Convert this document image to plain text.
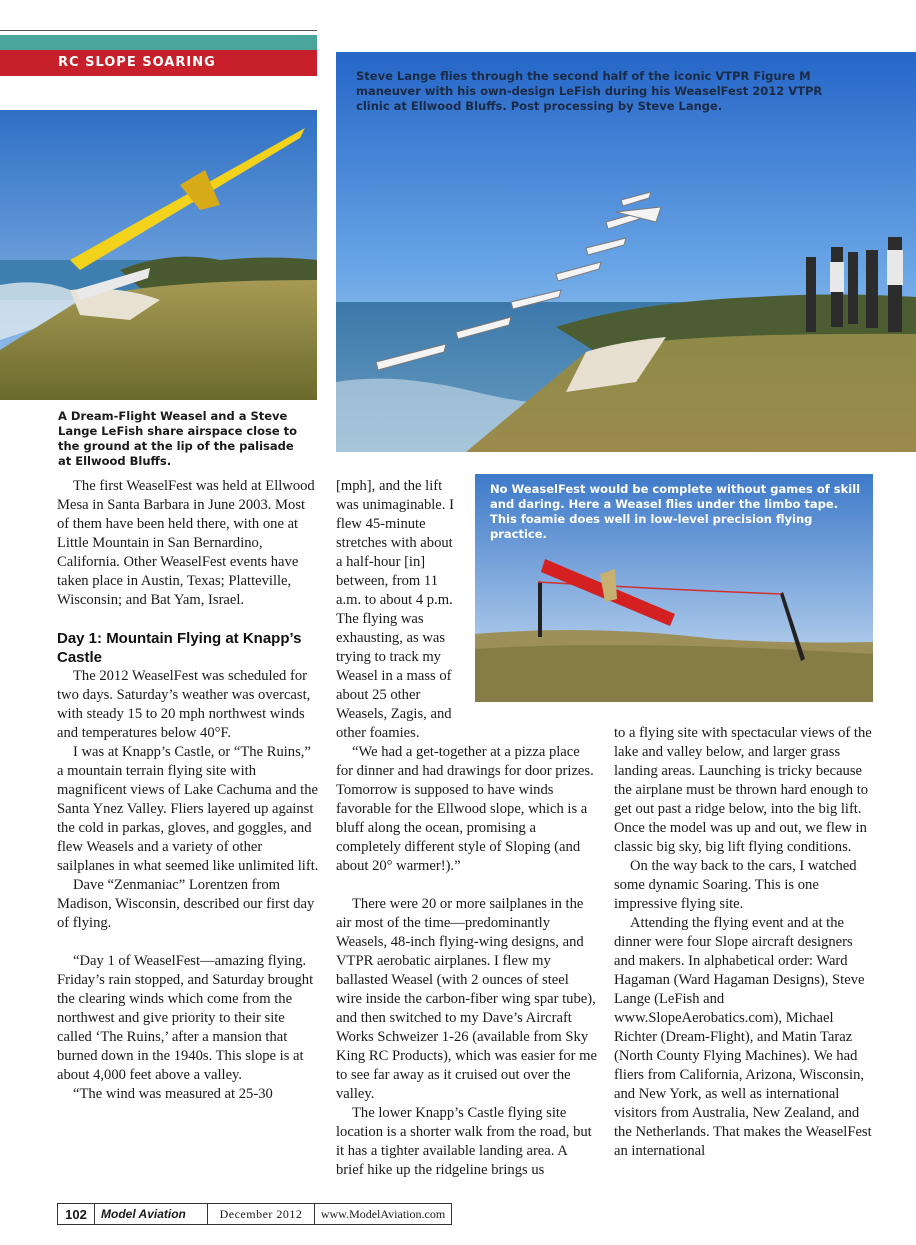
RC SLOPE SOARING
Steve Lange flies through the second half of the iconic VTPR Figure M maneuver with his own-design LeFish during his WeaselFest 2012 VTPR clinic at Ellwood Bluffs. Post processing by Steve Lange.
No WeaselFest would be complete without games of skill and daring. Here a Weasel flies under the limbo tape. This foamie does well in low-level precision flying practice.
A Dream-Flight Weasel and a Steve Lange LeFish share airspace close to the ground at the lip of the palisade at Ellwood Bluffs.

The first WeaselFest was held at Ellwood Mesa in Santa Barbara in June 2003. Most of them have been held there, with one at Little Mountain in San Bernardino, California. Other WeaselFest events have taken place in Austin, Texas; Platteville, Wisconsin; and Bat Yam, Israel.

Day 1: Mountain Flying at Knapp’s Castle

The 2012 WeaselFest was scheduled for two days. Saturday’s weather was overcast, with steady 15 to 20 mph northwest winds and temperatures below 40°F.

I was at Knapp’s Castle, or “The Ruins,” a mountain terrain flying site with magnificent views of Lake Cachuma and the Santa Ynez Valley. Fliers layered up against the cold in parkas, gloves, and goggles, and flew Weasels and a variety of other sailplanes in what seemed like unlimited lift.

Dave “Zenmaniac” Lorentzen from Madison, Wisconsin, described our first day of flying.

“Day 1 of WeaselFest—amazing flying. Friday’s rain stopped, and Saturday brought the clearing winds which come from the northwest and give priority to their site called ‘The Ruins,’ after a mansion that burned down in the 1940s. This slope is at about 4,000 feet above a valley.

“The wind was measured at 25-30

[mph], and the lift was unimaginable. I flew 45-minute stretches with about a half-hour [in] between, from 11 a.m. to about 4 p.m. The flying was exhausting, as was trying to track my Weasel in a mass of about 25 other Weasels, Zagis, and other foamies.

“We had a get-together at a pizza place for dinner and had drawings for door prizes. Tomorrow is supposed to have winds favorable for the Ellwood slope, which is a bluff along the ocean, promising a completely different style of Sloping (and about 20° warmer!).”

There were 20 or more sailplanes in the air most of the time—predominantly Weasels, 48-inch flying-wing designs, and VTPR aerobatic airplanes. I flew my ballasted Weasel (with 2 ounces of steel wire inside the carbon-fiber wing spar tube), and then switched to my Dave’s Aircraft Works Schweizer 1-26 (available from Sky King RC Products), which was easier for me to see far away as it cruised out over the valley.

The lower Knapp’s Castle flying site location is a shorter walk from the road, but it has a tighter available landing area. A brief hike up the ridgeline brings us

to a flying site with spectacular views of the lake and valley below, and larger grass landing areas. Launching is tricky because the airplane must be thrown hard enough to get out past a ridge below, into the big lift. Once the model was up and out, we flew in classic big sky, big lift flying conditions.

On the way back to the cars, I watched some dynamic Soaring. This is one impressive flying site.

Attending the flying event and at the dinner were four Slope aircraft designers and makers. In alphabetical order: Ward Hagaman (Ward Hagaman Designs), Steve Lange (LeFish and www.SlopeAerobatics.com), Michael Richter (Dream-Flight), and Matin Taraz (North County Flying Machines). We had fliers from California, Arizona, Wisconsin, and New York, as well as international visitors from Australia, New Zealand, and the Netherlands. That makes the WeaselFest an international

102	Model Aviation	December 2012	www.ModelAviation.com
